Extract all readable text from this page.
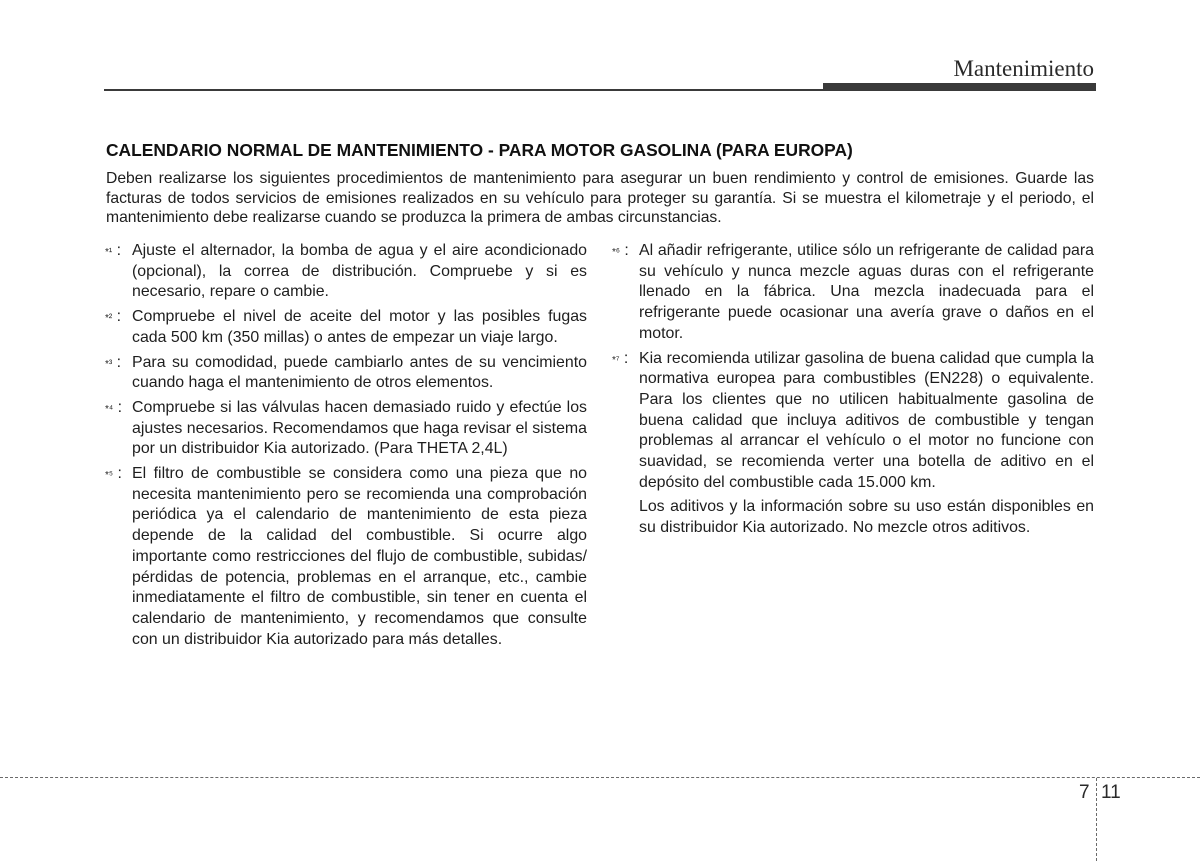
Mantenimiento
CALENDARIO NORMAL DE MANTENIMIENTO - PARA MOTOR GASOLINA (PARA EUROPA)

Deben realizarse los siguientes procedimientos de mantenimiento para asegurar un buen rendimiento y control de emisiones. Guarde las facturas de todos servicios de emisiones realizados en su vehículo para proteger su garantía. Si se muestra el kilometraje y el periodo, el mantenimiento debe realizarse cuando se produzca la primera de ambas circunstancias.

*¹ : Ajuste el alternador, la bomba de agua y el aire acondicionado (opcional), la correa de distribución. Compruebe y si es necesario, repare o cambie.
*² : Compruebe el nivel de aceite del motor y las posibles fugas cada 500 km (350 millas) o antes de empezar un viaje largo.
*³ : Para su comodidad, puede cambiarlo antes de su vencimiento cuando haga el mantenimiento de otros elementos.
*⁴ : Compruebe si las válvulas hacen demasiado ruido y efectúe los ajustes necesarios. Recomendamos que haga revisar el sistema por un distribuidor Kia autorizado. (Para THETA 2,4L)
*⁵ : El filtro de combustible se considera como una pieza que no necesita mantenimiento pero se recomienda una comprobación periódica ya el calendario de mantenimiento de esta pieza depende de la calidad del combustible. Si ocurre algo importante como restricciones del flujo de combustible, subidas/ pérdidas de potencia, problemas en el arranque, etc., cambie inmediatamente el filtro de combustible, sin tener en cuenta el calendario de mantenimiento, y recomendamos que consulte con un distribuidor Kia autorizado para más detalles.
*⁶ : Al añadir refrigerante, utilice sólo un refrigerante de calidad para su vehículo y nunca mezcle aguas duras con el refrigerante llenado en la fábrica. Una mezcla inadecuada para el refrigerante puede ocasionar una avería grave o daños en el motor.
*⁷ : Kia recomienda utilizar gasolina de buena calidad que cumpla la normativa europea para combustibles (EN228) o equivalente. Para los clientes que no utilicen habitualmente gasolina de buena calidad que incluya aditivos de combustible y tengan problemas al arrancar el vehículo o el motor no funcione con suavidad, se recomienda verter una botella de aditivo en el depósito del combustible cada 15.000 km.
Los aditivos y la información sobre su uso están disponibles en su distribuidor Kia autorizado. No mezcle otros aditivos.
7 11
